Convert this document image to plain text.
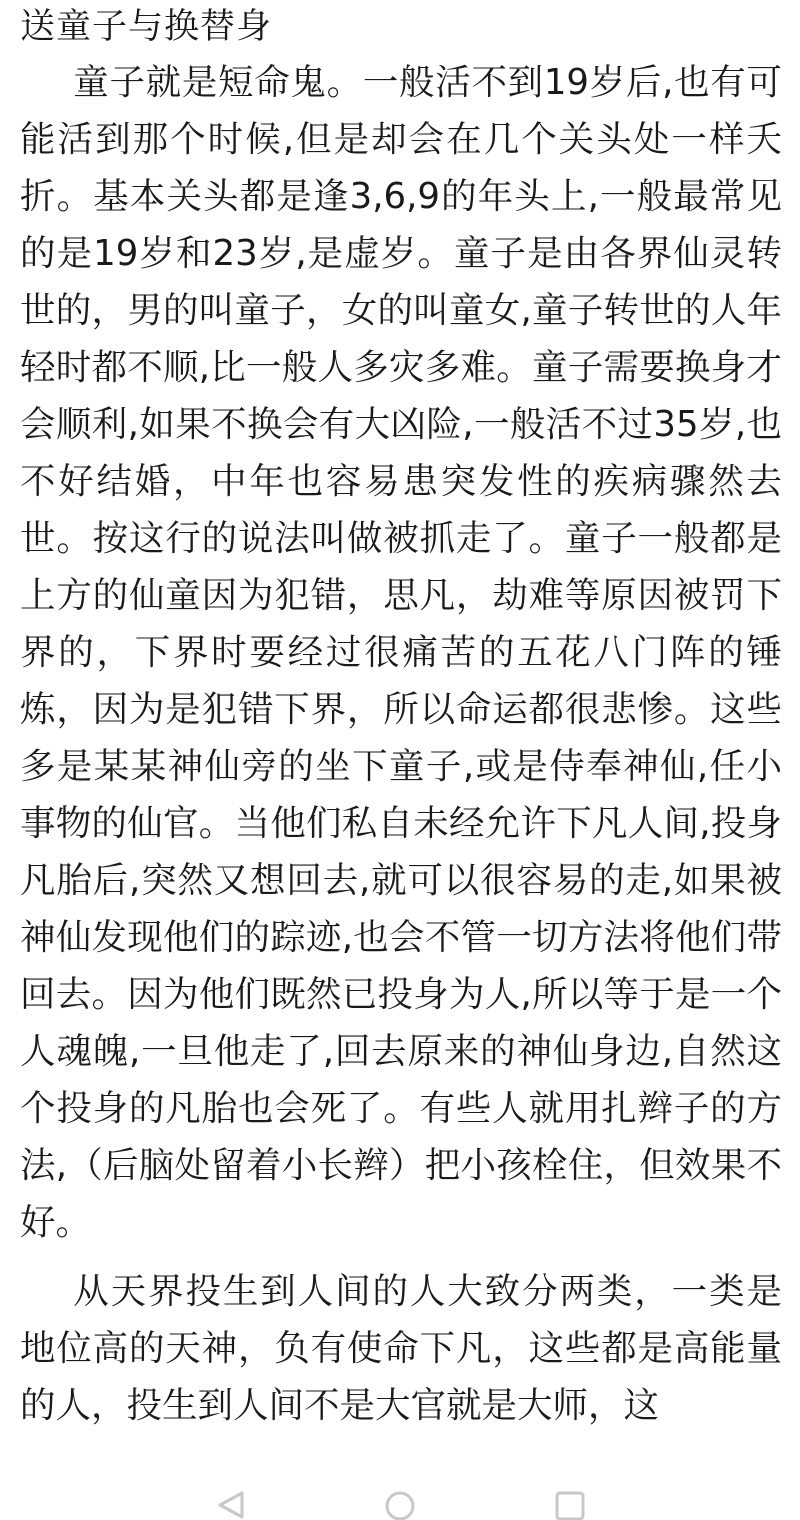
送童子与换替身

童子就是短命鬼。一般活不到19岁后,也有可能活到那个时候,但是却会在几个关头处一样夭折。基本关头都是逢3,6,9的年头上,一般最常见的是19岁和23岁,是虚岁。童子是由各界仙灵转世的，男的叫童子，女的叫童女,童子转世的人年轻时都不顺,比一般人多灾多难。童子需要换身才会顺利,如果不换会有大凶险,一般活不过35岁,也不好结婚，中年也容易患突发性的疾病骤然去世。按这行的说法叫做被抓走了。童子一般都是上方的仙童因为犯错，思凡，劫难等原因被罚下界的，下界时要经过很痛苦的五花八门阵的锤炼，因为是犯错下界，所以命运都很悲惨。这些多是某某神仙旁的坐下童子,或是侍奉神仙,任小事物的仙官。当他们私自未经允许下凡人间,投身凡胎后,突然又想回去,就可以很容易的走,如果被神仙发现他们的踪迹,也会不管一切方法将他们带回去。因为他们既然已投身为人,所以等于是一个人魂魄,一旦他走了,回去原来的神仙身边,自然这个投身的凡胎也会死了。有些人就用扎辫子的方法,（后脑处留着小长辫）把小孩栓住，但效果不好。

从天界投生到人间的人大致分两类，一类是地位高的天神，负有使命下凡，这些都是高能量的人，投生到人间不是大官就是大师，这
